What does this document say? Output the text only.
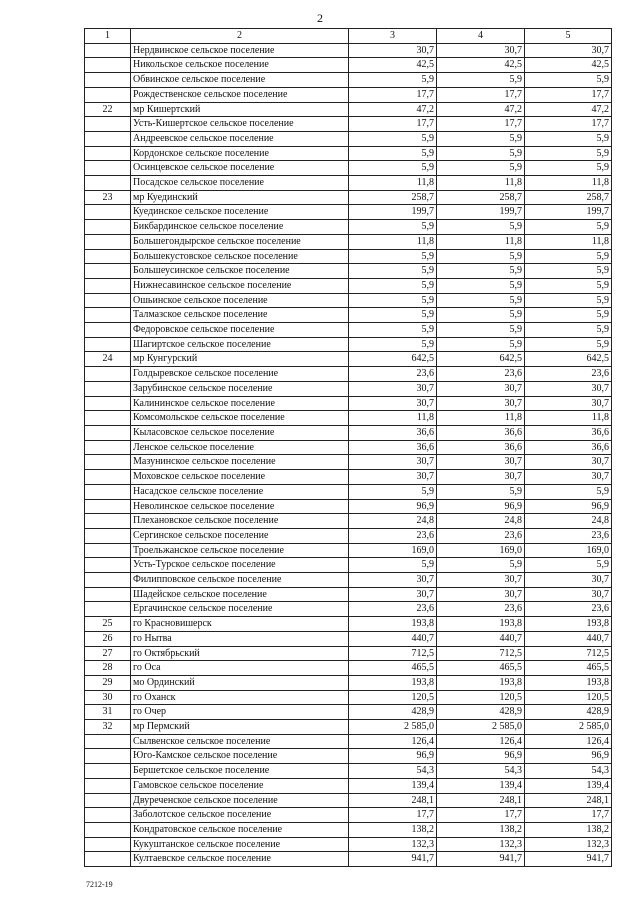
2
1	2	3	4	5
	Нердвинское сельское поселение	30,7	30,7	30,7
	Никольское сельское поселение	42,5	42,5	42,5
	Обвинское сельское поселение	5,9	5,9	5,9
	Рождественское сельское поселение	17,7	17,7	17,7
22	мр Кишертский	47,2	47,2	47,2
	Усть-Кишертское сельское поселение	17,7	17,7	17,7
	Андреевское сельское поселение	5,9	5,9	5,9
	Кордонское сельское поселение	5,9	5,9	5,9
	Осинцевское сельское поселение	5,9	5,9	5,9
	Посадское сельское поселение	11,8	11,8	11,8
23	мр Куединский	258,7	258,7	258,7
	Куединское сельское поселение	199,7	199,7	199,7
	Бикбардинское сельское поселение	5,9	5,9	5,9
	Большегондырское сельское поселение	11,8	11,8	11,8
	Большекустовское сельское поселение	5,9	5,9	5,9
	Большеусинское сельское поселение	5,9	5,9	5,9
	Нижнесавинское сельское поселение	5,9	5,9	5,9
	Ошьинское сельское поселение	5,9	5,9	5,9
	Талмазское сельское поселение	5,9	5,9	5,9
	Федоровское сельское поселение	5,9	5,9	5,9
	Шагиртское сельское поселение	5,9	5,9	5,9
24	мр Кунгурский	642,5	642,5	642,5
	Голдыревское сельское поселение	23,6	23,6	23,6
	Зарубинское сельское поселение	30,7	30,7	30,7
	Калининское сельское поселение	30,7	30,7	30,7
	Комсомольское сельское поселение	11,8	11,8	11,8
	Кыласовское сельское поселение	36,6	36,6	36,6
	Ленское сельское поселение	36,6	36,6	36,6
	Мазунинское сельское поселение	30,7	30,7	30,7
	Моховское сельское поселение	30,7	30,7	30,7
	Насадское сельское поселение	5,9	5,9	5,9
	Неволинское сельское поселение	96,9	96,9	96,9
	Плехановское сельское поселение	24,8	24,8	24,8
	Сергинское сельское поселение	23,6	23,6	23,6
	Троельжанское сельское поселение	169,0	169,0	169,0
	Усть-Турское сельское поселение	5,9	5,9	5,9
	Филипповское сельское поселение	30,7	30,7	30,7
	Шадейское сельское поселение	30,7	30,7	30,7
	Ергачинское сельское поселение	23,6	23,6	23,6
25	го Красновишерск	193,8	193,8	193,8
26	го Нытва	440,7	440,7	440,7
27	го Октябрьский	712,5	712,5	712,5
28	го Оса	465,5	465,5	465,5
29	мо Ординский	193,8	193,8	193,8
30	го Оханск	120,5	120,5	120,5
31	го Очер	428,9	428,9	428,9
32	мр Пермский	2 585,0	2 585,0	2 585,0
	Сылвенское сельское поселение	126,4	126,4	126,4
	Юго-Камское сельское поселение	96,9	96,9	96,9
	Бершетское сельское поселение	54,3	54,3	54,3
	Гамовское сельское поселение	139,4	139,4	139,4
	Двуреченское сельское поселение	248,1	248,1	248,1
	Заболотское сельское поселение	17,7	17,7	17,7
	Кондратовское сельское поселение	138,2	138,2	138,2
	Кукуштанское сельское поселение	132,3	132,3	132,3
	Култаевское сельское поселение	941,7	941,7	941,7
7212-19
